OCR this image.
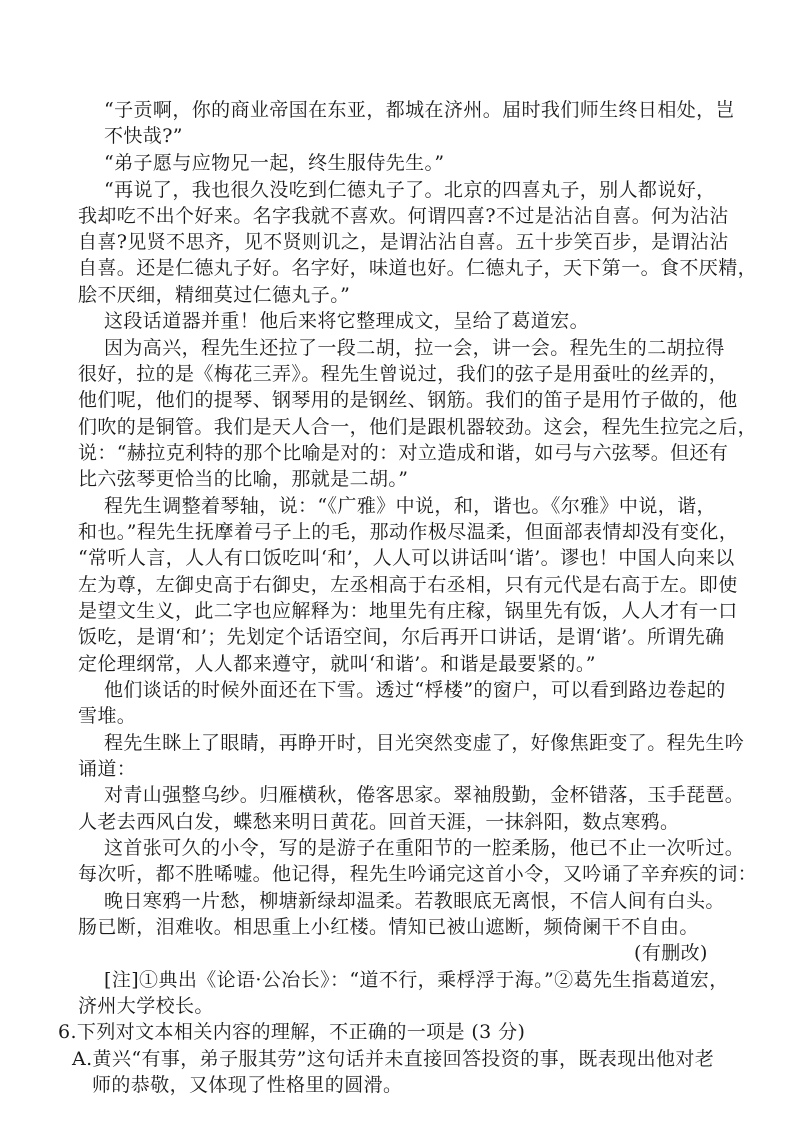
“子贡啊，你的商业帝国在东亚，都城在济州。届时我们师生终日相处，岂
不快哉?”
“弟子愿与应物兄一起，终生服侍先生。”
“再说了，我也很久没吃到仁德丸子了。北京的四喜丸子，别人都说好，
我却吃不出个好来。名字我就不喜欢。何谓四喜?不过是沾沾自喜。何为沾沾
自喜?见贤不思齐，见不贤则讥之，是谓沾沾自喜。五十步笑百步，是谓沾沾
自喜。还是仁德丸子好。名字好，味道也好。仁德丸子，天下第一。食不厌精，
脍不厌细，精细莫过仁德丸子。”
这段话道器并重！他后来将它整理成文，呈给了葛道宏。
因为高兴，程先生还拉了一段二胡，拉一会，讲一会。程先生的二胡拉得
很好，拉的是《梅花三弄》。程先生曾说过，我们的弦子是用蚕吐的丝弄的，
他们呢，他们的提琴、钢琴用的是钢丝、钢筋。我们的笛子是用竹子做的，他
们吹的是铜管。我们是天人合一，他们是跟机器较劲。这会，程先生拉完之后，
说：“赫拉克利特的那个比喻是对的：对立造成和谐，如弓与六弦琴。但还有
比六弦琴更恰当的比喻，那就是二胡。”
程先生调整着琴轴，说：“《广雅》中说，和，谐也。《尔雅》中说，谐，
和也。”程先生抚摩着弓子上的毛，那动作极尽温柔，但面部表情却没有变化，
“常听人言，人人有口饭吃叫‘和’，人人可以讲话叫‘谐’。谬也！中国人向来以
左为尊，左御史高于右御史，左丞相高于右丞相，只有元代是右高于左。即使
是望文生义，此二字也应解释为：地里先有庄稼，锅里先有饭，人人才有一口
饭吃，是谓‘和’；先划定个话语空间，尔后再开口讲话，是谓‘谐’。所谓先确
定伦理纲常，人人都来遵守，就叫‘和谐’。和谐是最要紧的。”
他们谈话的时候外面还在下雪。透过“桴楼”的窗户，可以看到路边卷起的
雪堆。
程先生眯上了眼睛，再睁开时，目光突然变虚了，好像焦距变了。程先生吟
诵道：
对青山强整乌纱。归雁横秋，倦客思家。翠袖殷勤，金杯错落，玉手琵琶。
人老去西风白发，蝶愁来明日黄花。回首天涯，一抹斜阳，数点寒鸦。
这首张可久的小令，写的是游子在重阳节的一腔柔肠，他已不止一次听过。
每次听，都不胜唏嘘。他记得，程先生吟诵完这首小令，又吟诵了辛弃疾的词：
晚日寒鸦一片愁，柳塘新绿却温柔。若教眼底无离恨，不信人间有白头。
肠已断，泪难收。相思重上小红楼。情知已被山遮断，频倚阑干不自由。
(有删改)
[注]①典出《论语·公冶长》：“道不行，乘桴浮于海。”②葛先生指葛道宏，
济州大学校长。
6.下列对文本相关内容的理解，不正确的一项是 (3 分)
A.黄兴“有事，弟子服其劳”这句话并未直接回答投资的事，既表现出他对老
师的恭敬，又体现了性格里的圆滑。
